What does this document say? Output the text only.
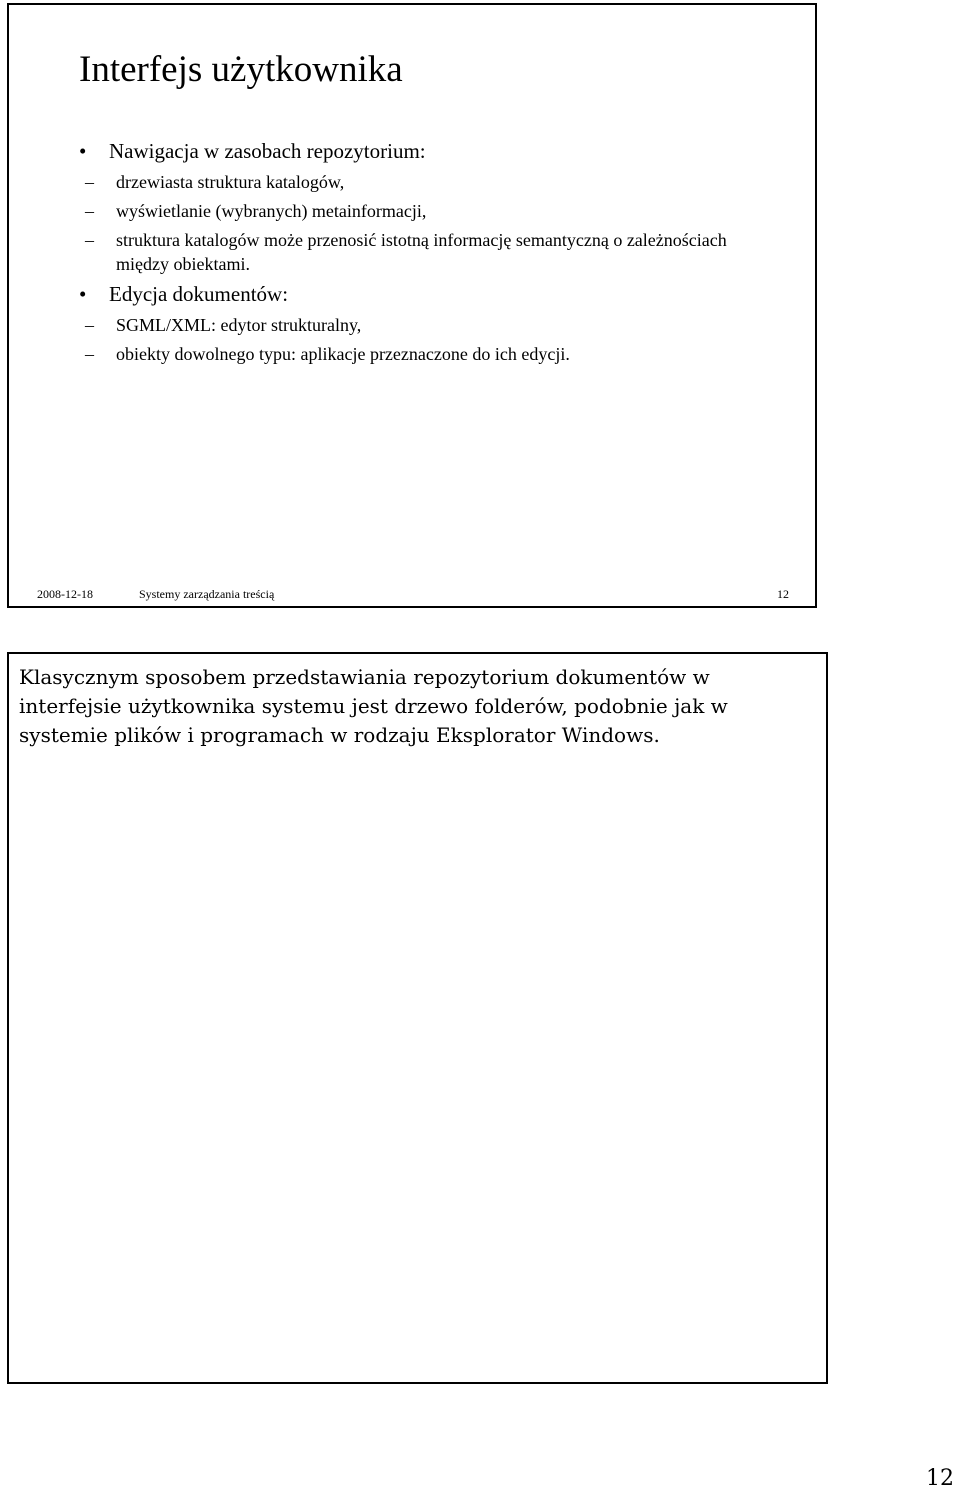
Interfejs użytkownika
•	Nawigacja w zasobach repozytorium:
–	drzewiasta struktura katalogów,
–	wyświetlanie (wybranych) metainformacji,
–	struktura katalogów może przenosić istotną informację semantyczną o zależnościach między obiektami.
•	Edycja dokumentów:
–	SGML/XML: edytor strukturalny,
–	obiekty dowolnego typu: aplikacje przeznaczone do ich edycji.
2008-12-18	Systemy zarządzania treścią	12

Klasycznym sposobem przedstawiania repozytorium dokumentów w interfejsie użytkownika systemu jest drzewo folderów, podobnie jak w systemie plików i programach w rodzaju Eksplorator Windows.

12
